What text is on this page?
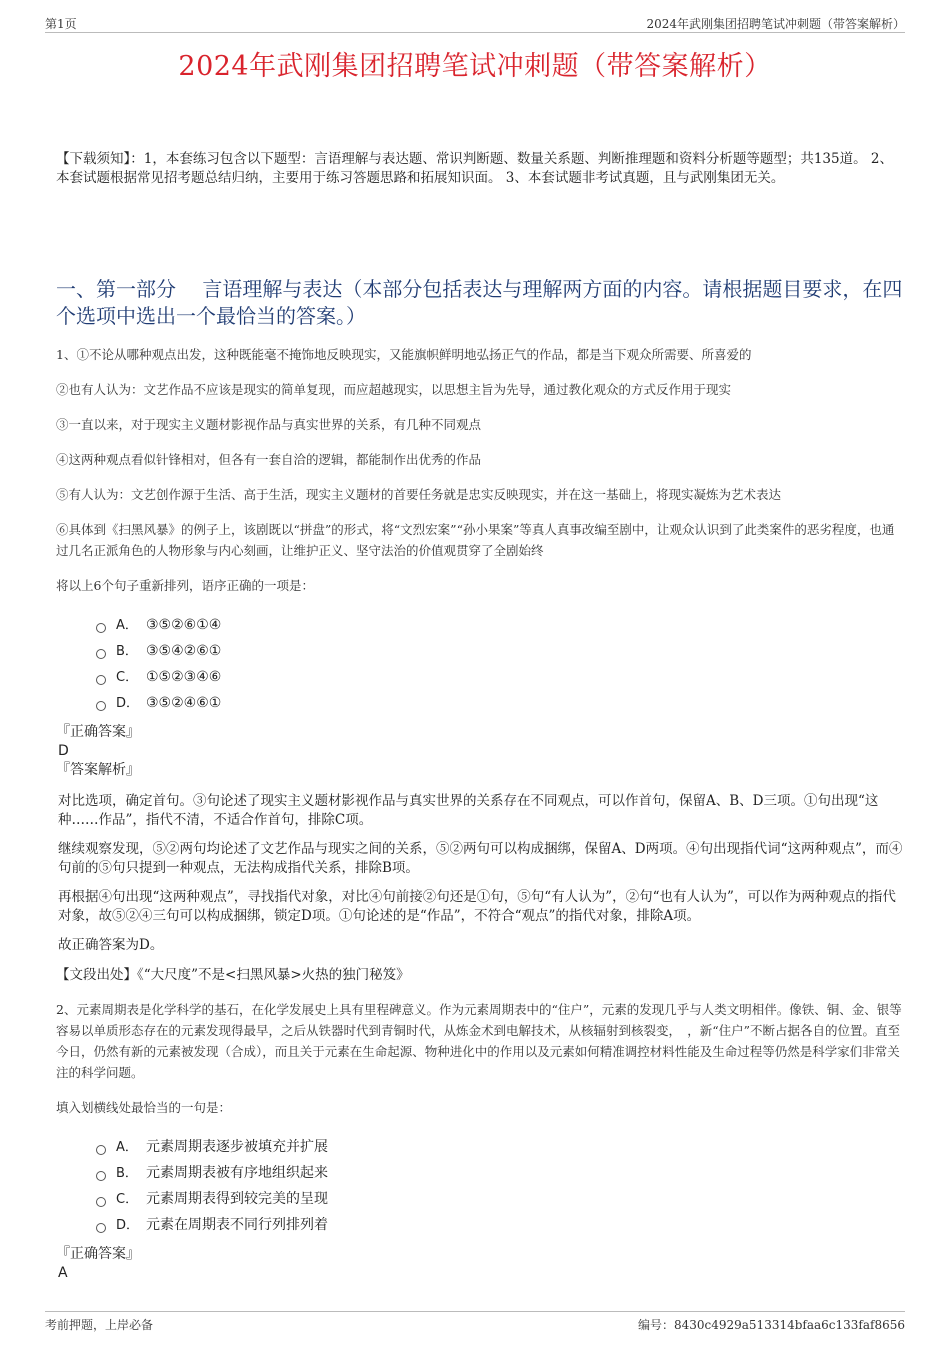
第1页	2024年武刚集团招聘笔试冲刺题（带答案解析）
2024年武刚集团招聘笔试冲刺题（带答案解析）
【下载须知】：1，本套练习包含以下题型：言语理解与表达题、常识判断题、数量关系题、判断推理题和资料分析题等题型；共135道。 2、本套试题根据常见招考题总结归纳，主要用于练习答题思路和拓展知识面。 3、本套试题非考试真题，且与武刚集团无关。
一、第一部分　 言语理解与表达（本部分包括表达与理解两方面的内容。请根据题目要求，在四个选项中选出一个最恰当的答案。）

1、①不论从哪种观点出发，这种既能毫不掩饰地反映现实，又能旗帜鲜明地弘扬正气的作品，都是当下观众所需要、所喜爱的

②也有人认为：文艺作品不应该是现实的简单复现，而应超越现实，以思想主旨为先导，通过教化观众的方式反作用于现实

③一直以来，对于现实主义题材影视作品与真实世界的关系，有几种不同观点

④这两种观点看似针锋相对，但各有一套自洽的逻辑，都能制作出优秀的作品

⑤有人认为：文艺创作源于生活、高于生活，现实主义题材的首要任务就是忠实反映现实，并在这一基础上，将现实凝炼为艺术表达

⑥具体到《扫黑风暴》的例子上，该剧既以“拼盘”的形式，将“文烈宏案”“孙小果案”等真人真事改编至剧中，让观众认识到了此类案件的恶劣程度，也通过几名正派角色的人物形象与内心刻画，让维护正义、坚守法治的价值观贯穿了全剧始终

将以上6个句子重新排列，语序正确的一项是：

A． ③⑤②⑥①④
B． ③⑤④②⑥①
C． ①⑤②③④⑥
D． ③⑤②④⑥①

『正确答案』

D

『答案解析』

对比选项，确定首句。③句论述了现实主义题材影视作品与真实世界的关系存在不同观点，可以作首句，保留A、B、D三项。①句出现“这种……作品”，指代不清，不适合作首句，排除C项。

继续观察发现，⑤②两句均论述了文艺作品与现实之间的关系，⑤②两句可以构成捆绑，保留A、D两项。④句出现指代词“这两种观点”，而④句前的⑤句只提到一种观点，无法构成指代关系，排除B项。

再根据④句出现“这两种观点”，寻找指代对象，对比④句前接②句还是①句，⑤句“有人认为”，②句“也有人认为”，可以作为两种观点的指代对象，故⑤②④三句可以构成捆绑，锁定D项。①句论述的是“作品”，不符合“观点”的指代对象，排除A项。

故正确答案为D。

【文段出处】《“大尺度”不是<扫黑风暴>火热的独门秘笈》

2、元素周期表是化学科学的基石，在化学发展史上具有里程碑意义。作为元素周期表中的“住户”，元素的发现几乎与人类文明相伴。像铁、铜、金、银等容易以单质形态存在的元素发现得最早，之后从铁器时代到青铜时代，从炼金术到电解技术，从核辐射到核裂变，　，新“住户”不断占据各自的位置。直至今日，仍然有新的元素被发现（合成），而且关于元素在生命起源、物种进化中的作用以及元素如何精准调控材料性能及生命过程等仍然是科学家们非常关注的科学问题。

填入划横线处最恰当的一句是：

A． 元素周期表逐步被填充并扩展
B． 元素周期表被有序地组织起来
C． 元素周期表得到较完美的呈现
D． 元素在周期表不同行列排列着

『正确答案』

A

考前押题，上岸必备	编号：8430c4929a513314bfaa6c133faf8656
